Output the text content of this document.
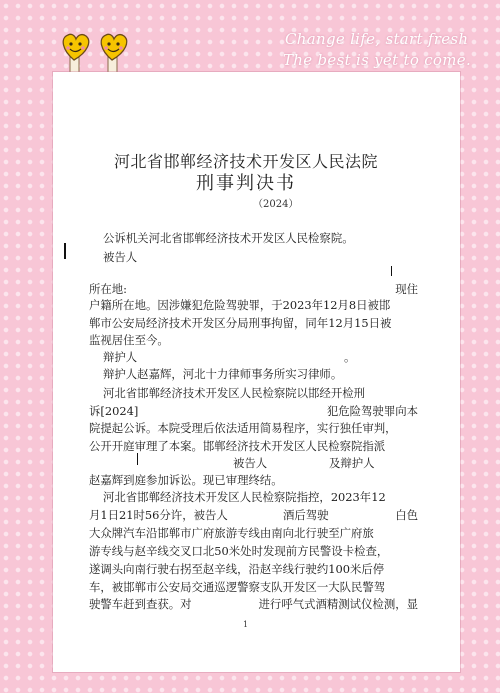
Change life, start fresh
The best is yet to come.
河北省邯郸经济技术开发区人民法院
刑事判决书
（2024）
公诉机关河北省邯郸经济技术开发区人民检察院。
被告人
所在地:	现住
户籍所在地。因涉嫌犯危险驾驶罪，于2023年12月8日被邯
郸市公安局经济技术开发区分局刑事拘留，同年12月15日被
监视居住至今。
辩护人	。
辩护人赵嘉辉，河北十力律师事务所实习律师。
河北省邯郸经济技术开发区人民检察院以邯经开检刑
诉[2024]	犯危险驾驶罪向本
院提起公诉。本院受理后依法适用简易程序，实行独任审判，
公开开庭审理了本案。邯郸经济技术开发区人民检察院指派
被告人	及辩护人
赵嘉辉到庭参加诉讼。现已审理终结。
河北省邯郸经济技术开发区人民检察院指控，2023年12
月1日21时56分许，被告人	酒后驾驶	白色
大众牌汽车沿邯郸市广府旅游专线由南向北行驶至广府旅
游专线与赵辛线交叉口北50米处时发现前方民警设卡检查，
遂调头向南行驶右拐至赵辛线，沿赵辛线行驶约100米后停
车，被邯郸市公安局交通巡逻警察支队开发区一大队民警驾
驶警车赶到查获。对	进行呼气式酒精测试仪检测，显
1
